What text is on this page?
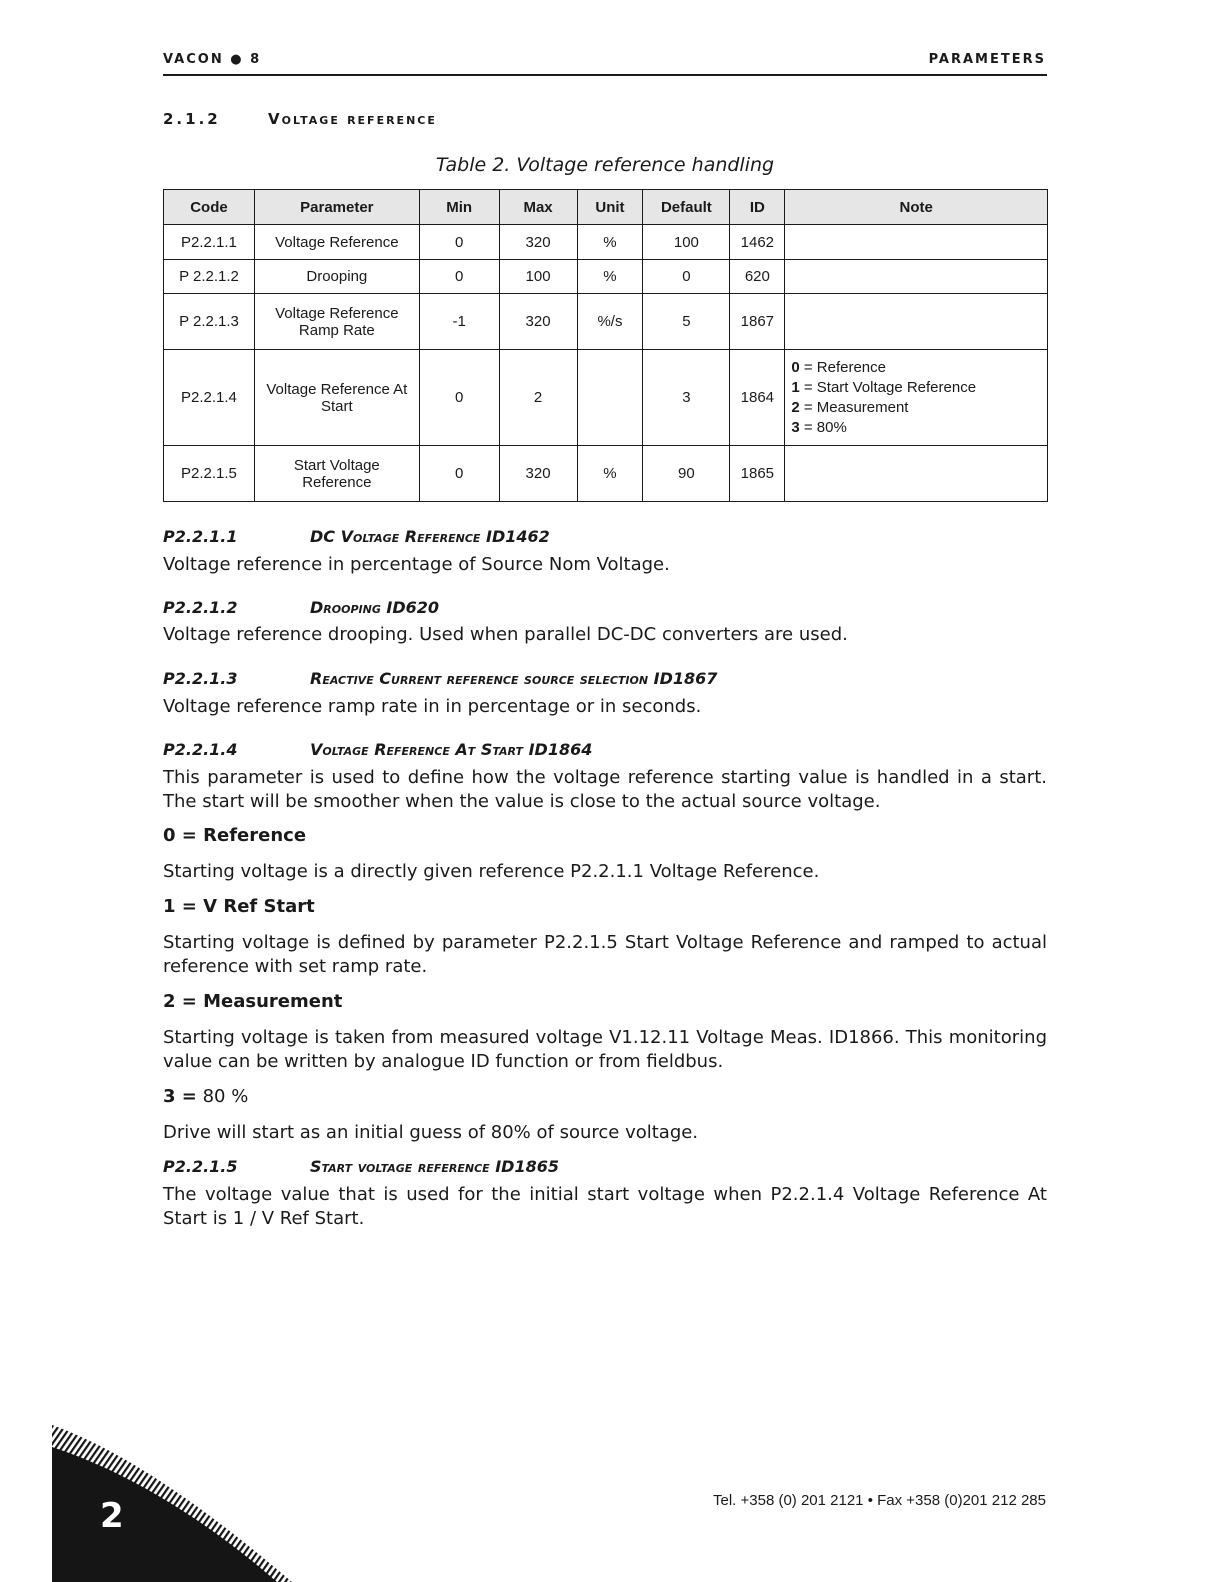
VACON ● 8	PARAMETERS
2.1.2	Voltage reference
Table 2. Voltage reference handling
Code	Parameter	Min	Max	Unit	Default	ID	Note
P2.2.1.1	Voltage Reference	0	320	%	100	1462	
P 2.2.1.2	Drooping	0	100	%	0	620	
P 2.2.1.3	Voltage Reference Ramp Rate	-1	320	%/s	5	1867	
P2.2.1.4	Voltage Reference At Start	0	2		3	1864	0 = Reference
1 = Start Voltage Reference
2 = Measurement
3 = 80%

P2.2.1.5	Start Voltage Reference	0	320	%	90	1865	
P2.2.1.1	DC Voltage Reference ID1462
Voltage reference in percentage of Source Nom Voltage.
P2.2.1.2	Drooping ID620
Voltage reference drooping. Used when parallel DC-DC converters are used.
P2.2.1.3	Reactive Current reference source selection ID1867
Voltage reference ramp rate in in percentage or in seconds.
P2.2.1.4	Voltage Reference At Start ID1864
This parameter is used to define how the voltage reference starting value is handled in a start. The start will be smoother when the value is close to the actual source voltage.
0 = Reference
Starting voltage is a directly given reference P2.2.1.1 Voltage Reference.
1 = V Ref Start
Starting voltage is defined by parameter P2.2.1.5 Start Voltage Reference and ramped to actual reference with set ramp rate.
2 = Measurement
Starting voltage is taken from measured voltage V1.12.11 Voltage Meas. ID1866. This monitoring value can be written by analogue ID function or from fieldbus.
3 = 80 %
Drive will start as an initial guess of 80% of source voltage.
P2.2.1.5	Start voltage reference ID1865
The voltage value that is used for the initial start voltage when P2.2.1.4 Voltage Reference At Start is 1 / V Ref Start.
2	Tel. +358 (0) 201 2121 • Fax +358 (0)201 212 285
